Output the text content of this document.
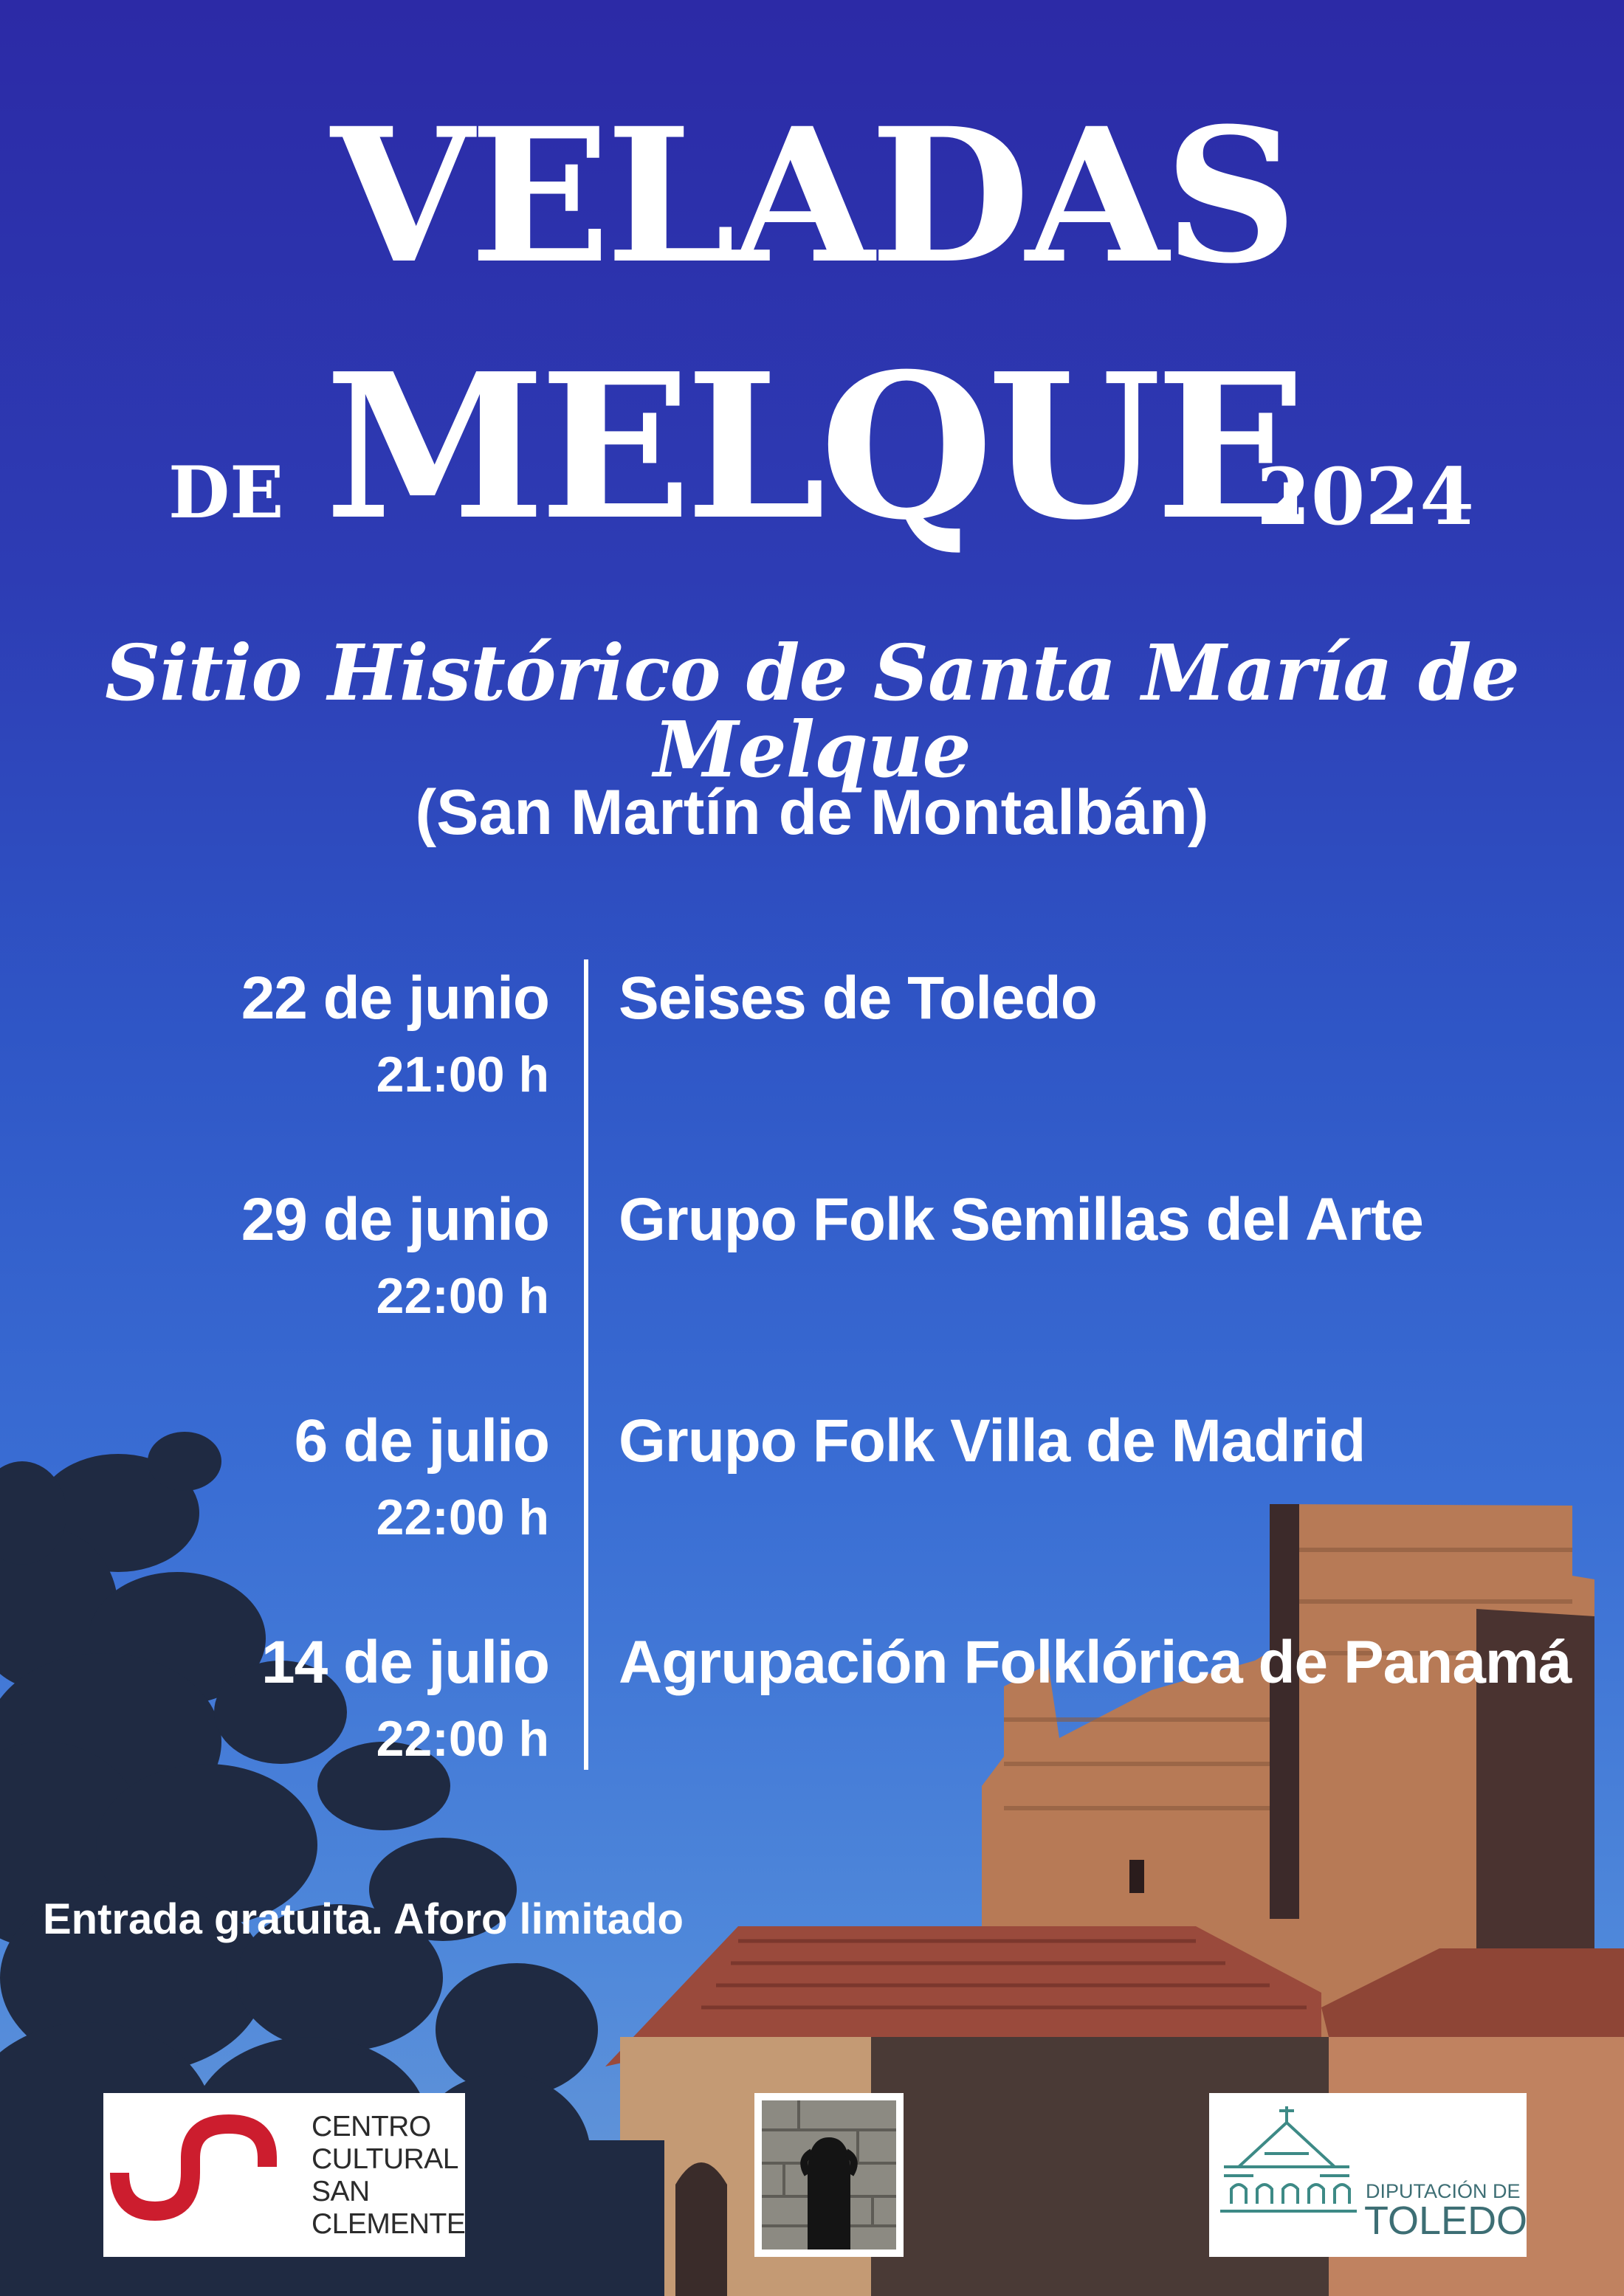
VELADAS
DE MELQUE
2024
Sitio Histórico de Santa María de Melque
(San Martín de Montalbán)
22 de junio
21:00 h
Seises de Toledo
29 de junio
22:00 h
Grupo Folk Semillas del Arte
6 de julio
22:00 h
Grupo Folk Villa de Madrid
14 de julio
22:00 h
Agrupación Folklórica de Panamá
Entrada gratuita. Aforo limitado
CENTRO
CULTURAL
SAN
CLEMENTE
DIPUTACIÓN DE
TOLEDO
